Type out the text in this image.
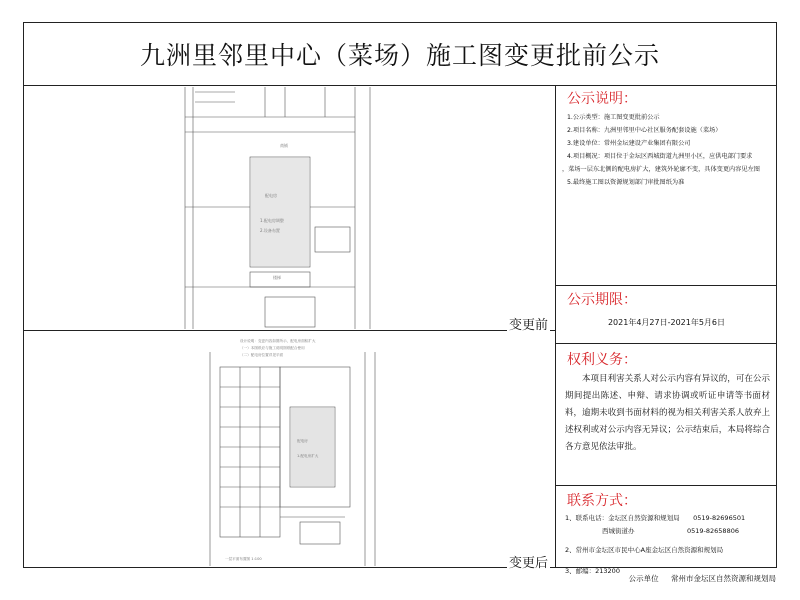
九洲里邻里中心（菜场）施工图变更批前公示
配电房
1.配电房调整
2.设备布置
楼梯
商铺
变更前
设计说明：变更内容如图所示，配电房面积扩大
（一）本图纸应与施工说明图纸配合使用
（二）配电房位置详见平面
配电房
1.配电房扩大
一层平面布置图 1:100	变更后
公示说明：
1.公示类型：施工图变更批前公示
2.项目名称：九洲里邻里中心社区服务配套设施（菜场）
3.建设单位：常州金坛建设产业集团有限公司
4.项目概况：项目位于金坛区西城街道九洲里小区，应供电部门要求
，菜场一层东北侧的配电房扩大，建筑外轮廓不变，具体变更内容见左图
5.最终施工图以资源规划部门审批图纸为准
公示期限：
2021年4月27日-2021年5月6日
权利义务：
本项目利害关系人对公示内容有异议的，可在公示期间提出陈述、申辩、请求协调或听证申请等书面材料，逾期未收到书面材料的视为相关利害关系人放弃上述权利或对公示内容无异议；公示结束后，本局将综合各方意见依法审批。
联系方式：
1、联系电话： 金坛区自然资源和规划局	0519-82696501
西城街道办	0519-82658806
2、常州市金坛区市民中心A座金坛区自然资源和规划局
3、邮编：213200
公示单位 常州市金坛区自然资源和规划局
